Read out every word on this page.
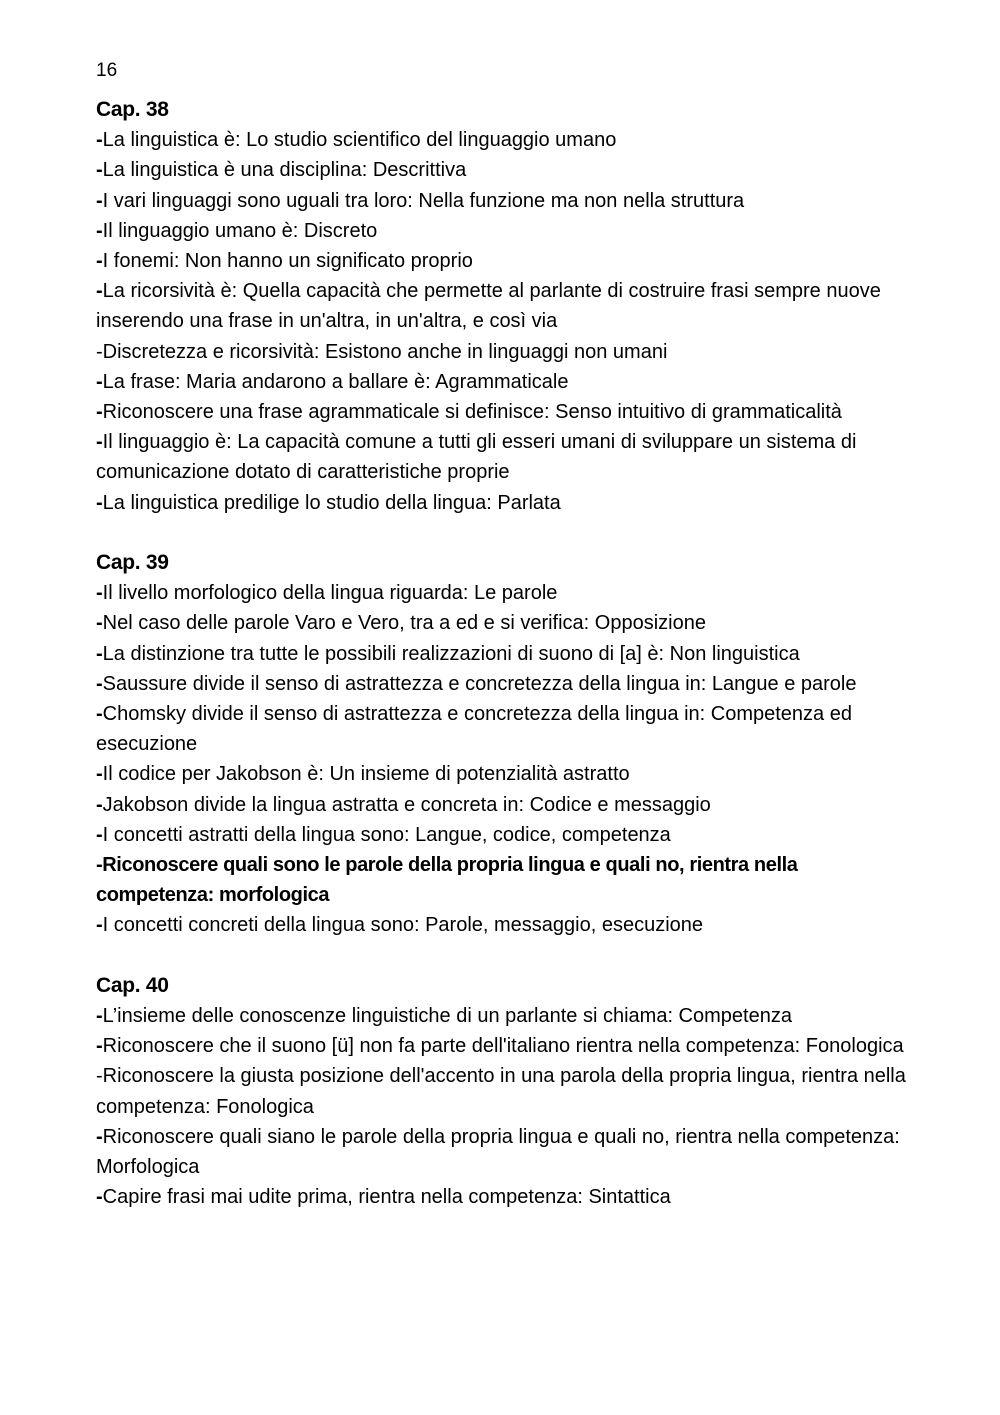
16

Cap. 38

-La linguistica è: Lo studio scientifico del linguaggio umano

-La linguistica è una disciplina: Descrittiva

-I vari linguaggi sono uguali tra loro: Nella funzione ma non nella struttura

-Il linguaggio umano è: Discreto

-I fonemi: Non hanno un significato proprio

-La ricorsività è: Quella capacità che permette al parlante di costruire frasi sempre nuove inserendo una frase in un'altra, in un'altra, e così via

-Discretezza e ricorsività: Esistono anche in linguaggi non umani

-La frase: Maria andarono a ballare è: Agrammaticale

-Riconoscere una frase agrammaticale si definisce: Senso intuitivo di grammaticalità

-Il linguaggio è: La capacità comune a tutti gli esseri umani di sviluppare un sistema di comunicazione dotato di caratteristiche proprie

-La linguistica predilige lo studio della lingua: Parlata

Cap. 39

-Il livello morfologico della lingua riguarda: Le parole

-Nel caso delle parole Varo e Vero, tra a ed e si verifica: Opposizione

-La distinzione tra tutte le possibili realizzazioni di suono di [a] è: Non linguistica

-Saussure divide il senso di astrattezza e concretezza della lingua in: Langue e parole

-Chomsky divide il senso di astrattezza e concretezza della lingua in: Competenza ed esecuzione

-Il codice per Jakobson è: Un insieme di potenzialità astratto

-Jakobson divide la lingua astratta e concreta in: Codice e messaggio

-I concetti astratti della lingua sono: Langue, codice, competenza

-Riconoscere quali sono le parole della propria lingua e quali no, rientra nella competenza: morfologica

-I concetti concreti della lingua sono: Parole, messaggio, esecuzione

Cap. 40

-L’insieme delle conoscenze linguistiche di un parlante si chiama: Competenza

-Riconoscere che il suono [ü] non fa parte dell'italiano rientra nella competenza: Fonologica

-Riconoscere la giusta posizione dell'accento in una parola della propria lingua, rientra nella competenza: Fonologica

-Riconoscere quali siano le parole della propria lingua e quali no, rientra nella competenza: Morfologica

-Capire frasi mai udite prima, rientra nella competenza: Sintattica
